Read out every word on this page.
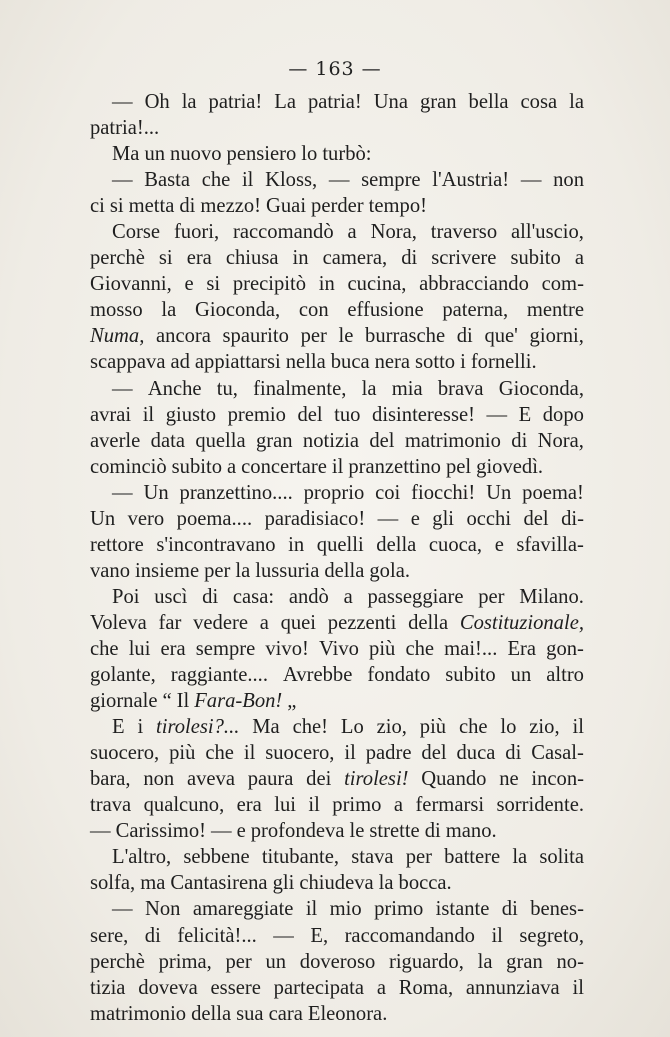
— 163 —
— Oh la patria! La patria! Una gran bella cosa la
patria!...
Ma un nuovo pensiero lo turbò:
— Basta che il Kloss, — sempre l'Austria! — non
ci si metta di mezzo! Guai perder tempo!
Corse fuori, raccomandò a Nora, traverso all'uscio,
perchè si era chiusa in camera, di scrivere subito a
Giovanni, e si precipitò in cucina, abbracciando com-
mosso la Gioconda, con effusione paterna, mentre
Numa, ancora spaurito per le burrasche di que' giorni,
scappava ad appiattarsi nella buca nera sotto i fornelli.
— Anche tu, finalmente, la mia brava Gioconda,
avrai il giusto premio del tuo disinteresse! — E dopo
averle data quella gran notizia del matrimonio di Nora,
cominciò subito a concertare il pranzettino pel giovedì.
— Un pranzettino.... proprio coi fiocchi! Un poema!
Un vero poema.... paradisiaco! — e gli occhi del di-
rettore s'incontravano in quelli della cuoca, e sfavilla-
vano insieme per la lussuria della gola.
Poi uscì di casa: andò a passeggiare per Milano.
Voleva far vedere a quei pezzenti della Costituzionale,
che lui era sempre vivo! Vivo più che mai!... Era gon-
golante, raggiante.... Avrebbe fondato subito un altro
giornale “ Il Fara-Bon! „
E i tirolesi?... Ma che! Lo zio, più che lo zio, il
suocero, più che il suocero, il padre del duca di Casal-
bara, non aveva paura dei tirolesi! Quando ne incon-
trava qualcuno, era lui il primo a fermarsi sorridente.
— Carissimo! — e profondeva le strette di mano.
L'altro, sebbene titubante, stava per battere la solita
solfa, ma Cantasirena gli chiudeva la bocca.
— Non amareggiate il mio primo istante di benes-
sere, di felicità!... — E, raccomandando il segreto,
perchè prima, per un doveroso riguardo, la gran no-
tizia doveva essere partecipata a Roma, annunziava il
matrimonio della sua cara Eleonora.
